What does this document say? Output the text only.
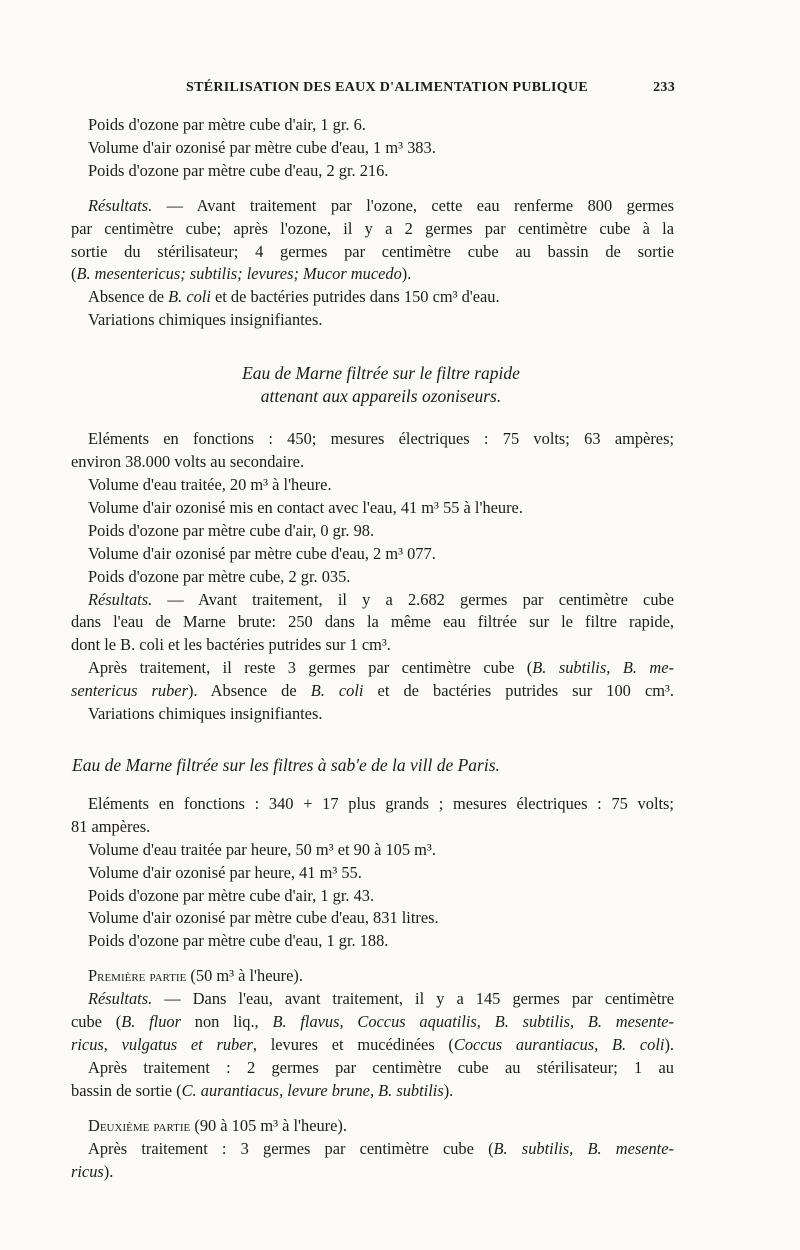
STÉRILISATION DES EAUX D'ALIMENTATION PUBLIQUE	233
Poids d'ozone par mètre cube d'air, 1 gr. 6.
Volume d'air ozonisé par mètre cube d'eau, 1 m³ 383.
Poids d'ozone par mètre cube d'eau, 2 gr. 216.
Résultats. — Avant traitement par l'ozone, cette eau renferme 800 germes
par centimètre cube; après l'ozone, il y a 2 germes par centimètre cube à la
sortie du stérilisateur; 4 germes par centimètre cube au bassin de sortie
(B. mesentericus; subtilis; levures; Mucor mucedo).
Absence de B. coli et de bactéries putrides dans 150 cm³ d'eau.
Variations chimiques insignifiantes.
Eau de Marne filtrée sur le filtre rapide
attenant aux appareils ozoniseurs.
Eléments en fonctions : 450; mesures électriques : 75 volts; 63 ampères;
environ 38.000 volts au secondaire.
Volume d'eau traitée, 20 m³ à l'heure.
Volume d'air ozonisé mis en contact avec l'eau, 41 m³ 55 à l'heure.
Poids d'ozone par mètre cube d'air, 0 gr. 98.
Volume d'air ozonisé par mètre cube d'eau, 2 m³ 077.
Poids d'ozone par mètre cube, 2 gr. 035.
Résultats. — Avant traitement, il y a 2.682 germes par centimètre cube
dans l'eau de Marne brute: 250 dans la même eau filtrée sur le filtre rapide,
dont le B. coli et les bactéries putrides sur 1 cm³.
Après traitement, il reste 3 germes par centimètre cube (B. subtilis, B. me-
sentericus ruber). Absence de B. coli et de bactéries putrides sur 100 cm³.
Variations chimiques insignifiantes.
Eau de Marne filtrée sur les filtres à sab'e de la vill de Paris.
Eléments en fonctions : 340 + 17 plus grands ; mesures électriques : 75 volts;
81 ampères.
Volume d'eau traitée par heure, 50 m³ et 90 à 105 m³.
Volume d'air ozonisé par heure, 41 m³ 55.
Poids d'ozone par mètre cube d'air, 1 gr. 43.
Volume d'air ozonisé par mètre cube d'eau, 831 litres.
Poids d'ozone par mètre cube d'eau, 1 gr. 188.
Première partie (50 m³ à l'heure).
Résultats. — Dans l'eau, avant traitement, il y a 145 germes par centimètre
cube (B. fluor non liq., B. flavus, Coccus aquatilis, B. subtilis, B. mesente-
ricus, vulgatus et ruber, levures et mucédinées (Coccus aurantiacus, B. coli).
Après traitement : 2 germes par centimètre cube au stérilisateur; 1 au
bassin de sortie (C. aurantiacus, levure brune, B. subtilis).
Deuxième partie (90 à 105 m³ à l'heure).
Après traitement : 3 germes par centimètre cube (B. subtilis, B. mesente-
ricus).
